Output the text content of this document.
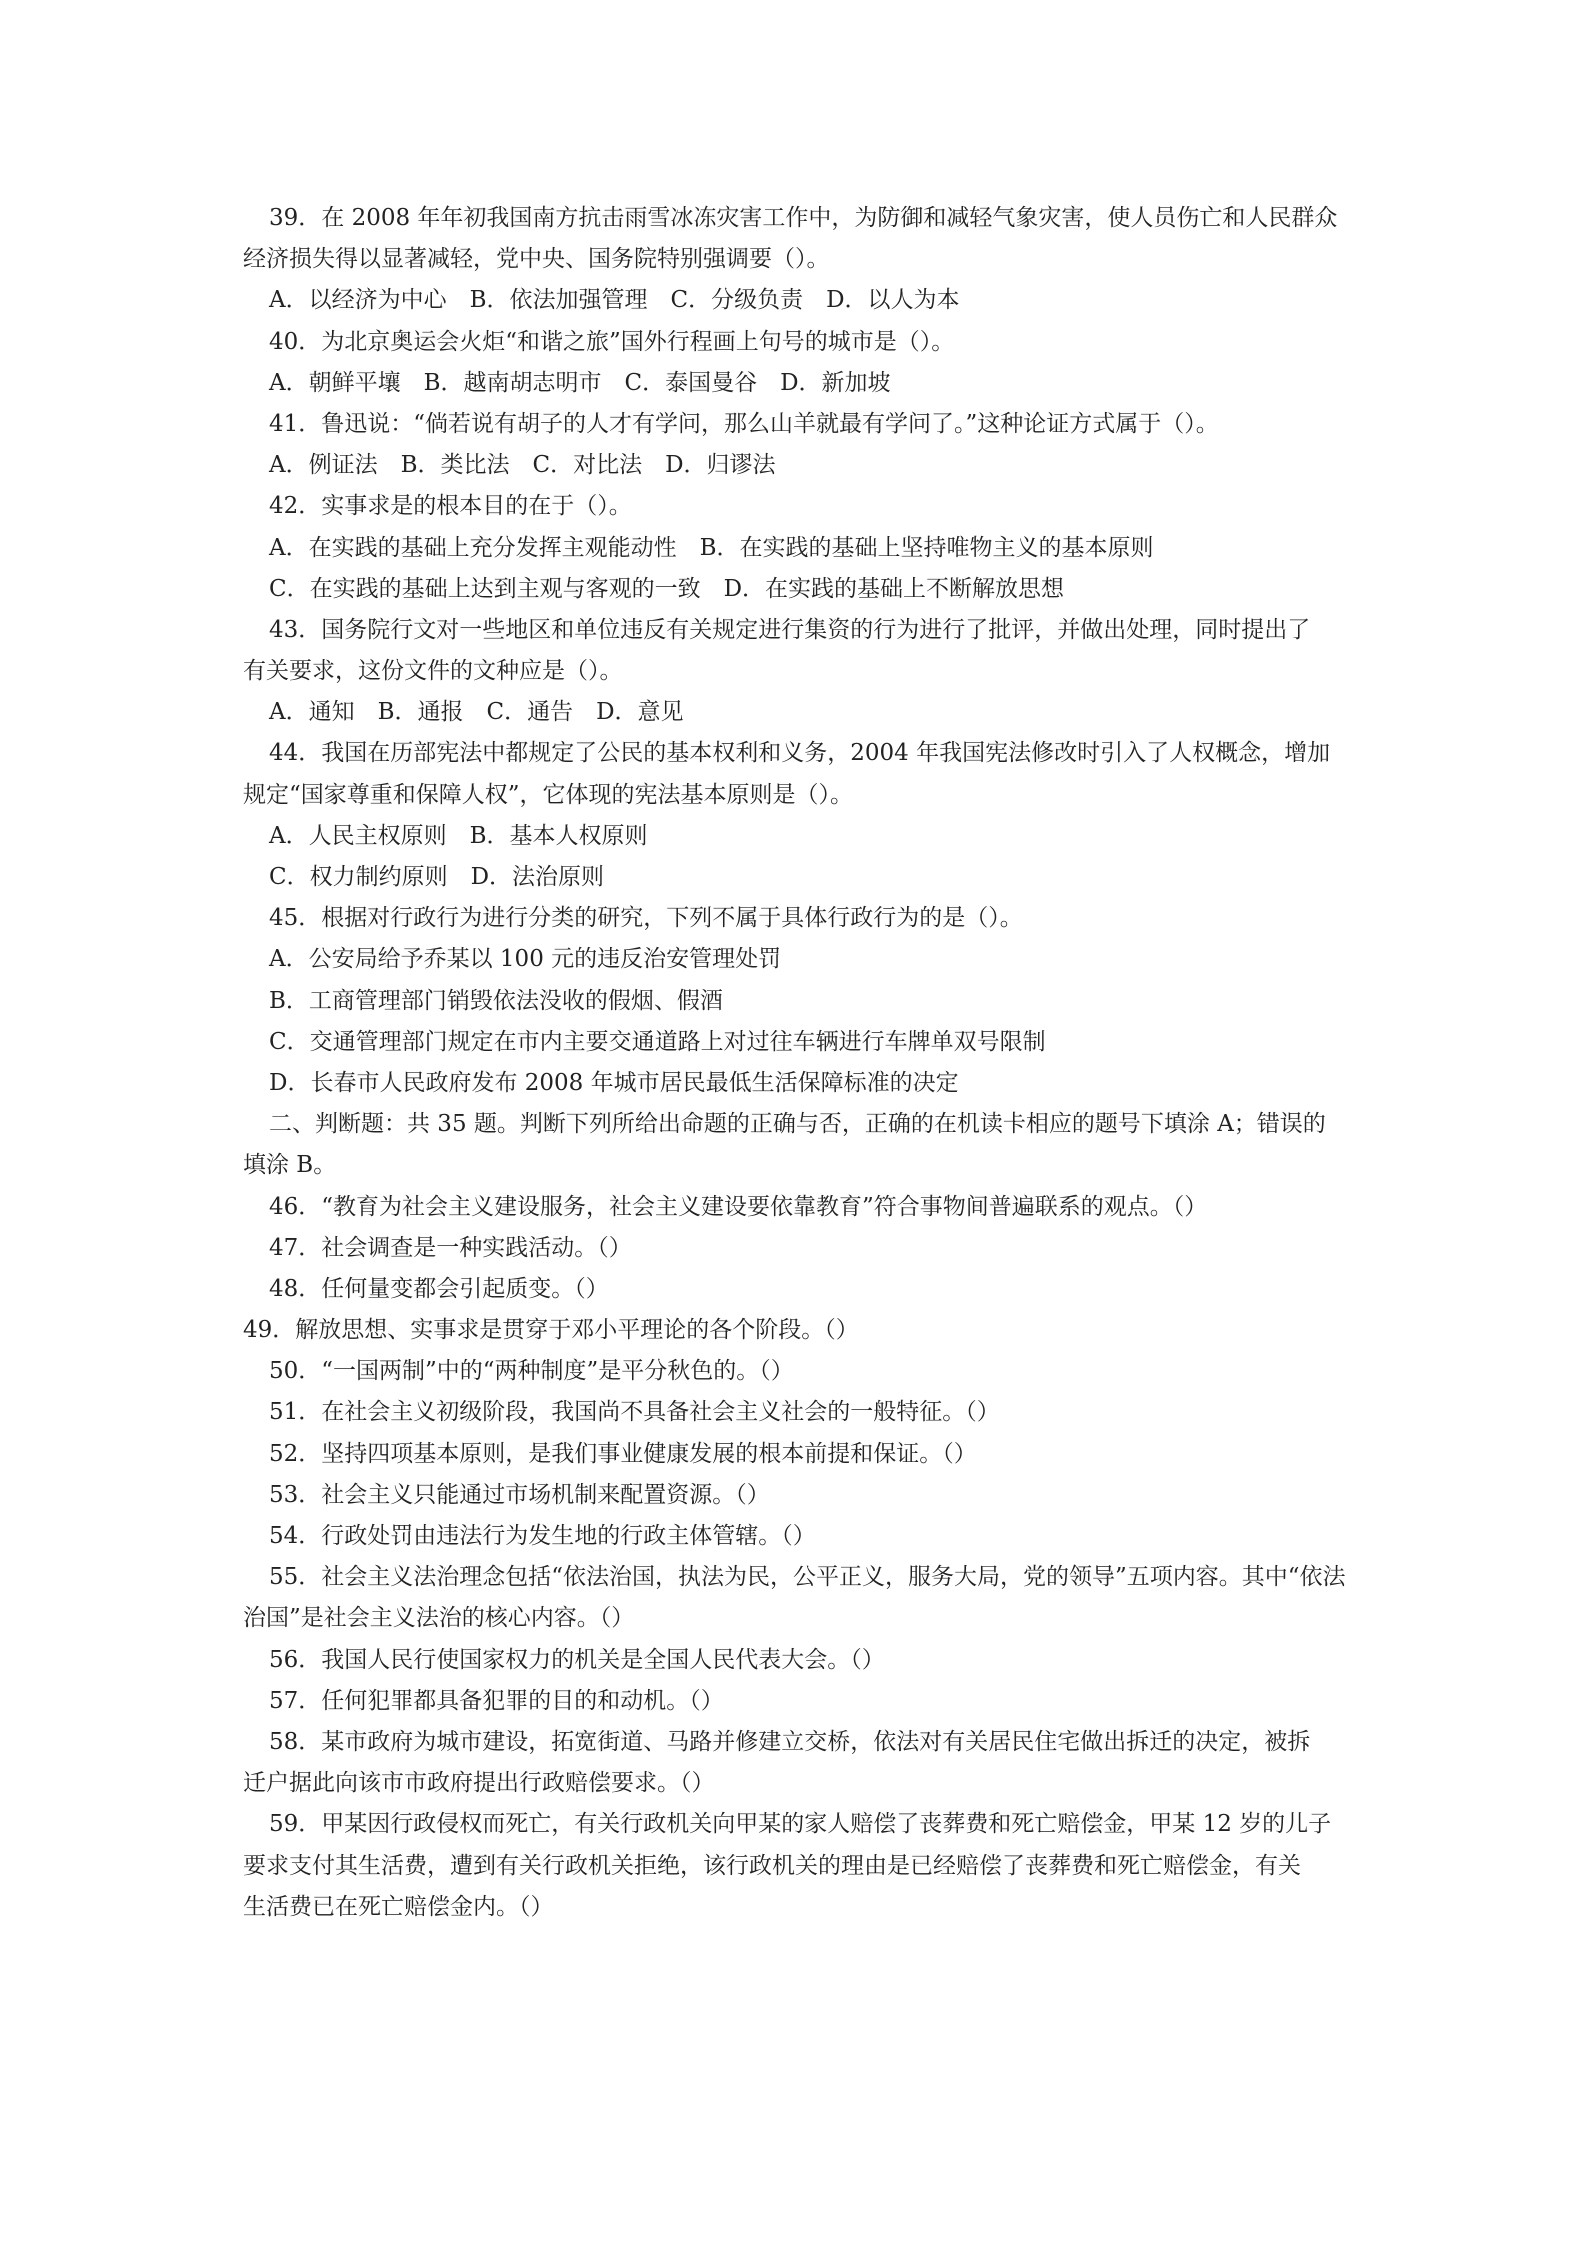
39．在 2008 年年初我国南方抗击雨雪冰冻灾害工作中，为防御和减轻气象灾害，使人员伤亡和人民群众
经济损失得以显著减轻，党中央、国务院特别强调要（）。
A．以经济为中心　B．依法加强管理　C．分级负责　D．以人为本
40．为北京奥运会火炬“和谐之旅”国外行程画上句号的城市是（）。
A．朝鲜平壤　B．越南胡志明市　C．泰国曼谷　D．新加坡
41．鲁迅说：“倘若说有胡子的人才有学问，那么山羊就最有学问了。”这种论证方式属于（）。
A．例证法　B．类比法　C．对比法　D．归谬法
42．实事求是的根本目的在于（）。
A．在实践的基础上充分发挥主观能动性　B．在实践的基础上坚持唯物主义的基本原则
C．在实践的基础上达到主观与客观的一致　D．在实践的基础上不断解放思想
43．国务院行文对一些地区和单位违反有关规定进行集资的行为进行了批评，并做出处理，同时提出了
有关要求，这份文件的文种应是（）。
A．通知　B．通报　C．通告　D．意见
44．我国在历部宪法中都规定了公民的基本权利和义务，2004 年我国宪法修改时引入了人权概念，增加
规定“国家尊重和保障人权”，它体现的宪法基本原则是（）。
A．人民主权原则　B．基本人权原则
C．权力制约原则　D．法治原则
45．根据对行政行为进行分类的研究，下列不属于具体行政行为的是（）。
A．公安局给予乔某以 100 元的违反治安管理处罚
B．工商管理部门销毁依法没收的假烟、假酒
C．交通管理部门规定在市内主要交通道路上对过往车辆进行车牌单双号限制
D．长春市人民政府发布 2008 年城市居民最低生活保障标准的决定
二、判断题：共 35 题。判断下列所给出命题的正确与否，正确的在机读卡相应的题号下填涂 A；错误的
填涂 B。
46．“教育为社会主义建设服务，社会主义建设要依靠教育”符合事物间普遍联系的观点。（）
47．社会调查是一种实践活动。（）
48．任何量变都会引起质变。（）
49．解放思想、实事求是贯穿于邓小平理论的各个阶段。（）
50．“一国两制”中的“两种制度”是平分秋色的。（）
51．在社会主义初级阶段，我国尚不具备社会主义社会的一般特征。（）
52．坚持四项基本原则，是我们事业健康发展的根本前提和保证。（）
53．社会主义只能通过市场机制来配置资源。（）
54．行政处罚由违法行为发生地的行政主体管辖。（）
55．社会主义法治理念包括“依法治国，执法为民，公平正义，服务大局，党的领导”五项内容。其中“依法
治国”是社会主义法治的核心内容。（）
56．我国人民行使国家权力的机关是全国人民代表大会。（）
57．任何犯罪都具备犯罪的目的和动机。（）
58．某市政府为城市建设，拓宽街道、马路并修建立交桥，依法对有关居民住宅做出拆迁的决定，被拆
迁户据此向该市市政府提出行政赔偿要求。（）
59．甲某因行政侵权而死亡，有关行政机关向甲某的家人赔偿了丧葬费和死亡赔偿金，甲某 12 岁的儿子
要求支付其生活费，遭到有关行政机关拒绝，该行政机关的理由是已经赔偿了丧葬费和死亡赔偿金，有关
生活费已在死亡赔偿金内。（）
